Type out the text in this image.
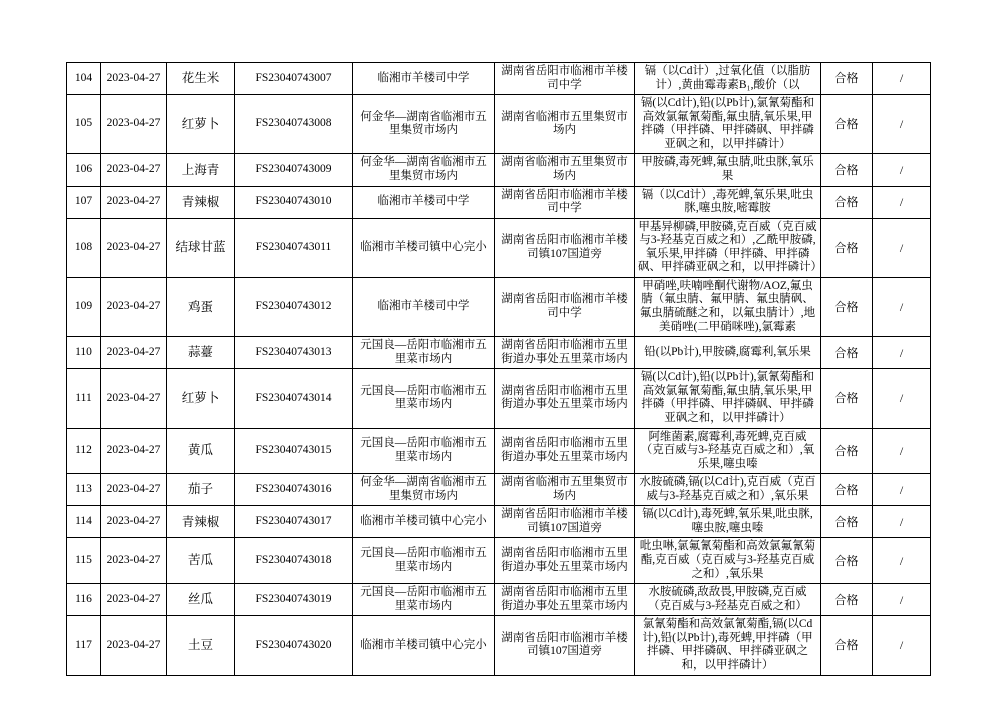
104	2023-04-27	花生米	FS23040743007	临湘市羊楼司中学	湖南省岳阳市临湘市羊楼司中学	镉（以Cd计）,过氧化值（以脂肪计）,黄曲霉毒素B₁,酸价（以	合格	/
105	2023-04-27	红萝卜	FS23040743008	何金华—湖南省临湘市五里集贸市场内	湖南省临湘市五里集贸市场内	镉(以Cd计),铅(以Pb计),氯氰菊酯和高效氯氟氰菊酯,氟虫腈,氧乐果,甲拌磷（甲拌磷、甲拌磷砜、甲拌磷亚砜之和，以甲拌磷计）	合格	/
106	2023-04-27	上海青	FS23040743009	何金华—湖南省临湘市五里集贸市场内	湖南省临湘市五里集贸市场内	甲胺磷,毒死蜱,氟虫腈,吡虫脒,氧乐果	合格	/
107	2023-04-27	青辣椒	FS23040743010	临湘市羊楼司中学	湖南省岳阳市临湘市羊楼司中学	镉（以Cd计）,毒死蜱,氧乐果,吡虫脒,噻虫胺,嘧霉胺	合格	/
108	2023-04-27	结球甘蓝	FS23040743011	临湘市羊楼司镇中心完小	湖南省岳阳市临湘市羊楼司镇107国道旁	甲基异柳磷,甲胺磷,克百威（克百威与3-羟基克百威之和）,乙酰甲胺磷,氧乐果,甲拌磷（甲拌磷、甲拌磷砜、甲拌磷亚砜之和，以甲拌磷计）	合格	/
109	2023-04-27	鸡蛋	FS23040743012	临湘市羊楼司中学	湖南省岳阳市临湘市羊楼司中学	甲硝唑,呋喃唑酮代谢物/AOZ,氟虫腈（氟虫腈、氟甲腈、氟虫腈砜、氟虫腈硫醚之和，以氟虫腈计）,地美硝唑(二甲硝咪唑),氯霉素	合格	/
110	2023-04-27	蒜薹	FS23040743013	元国良—岳阳市临湘市五里菜市场内	湖南省岳阳市临湘市五里街道办事处五里菜市场内	铅(以Pb计),甲胺磷,腐霉利,氧乐果	合格	/
111	2023-04-27	红萝卜	FS23040743014	元国良—岳阳市临湘市五里菜市场内	湖南省岳阳市临湘市五里街道办事处五里菜市场内	镉(以Cd计),铅(以Pb计),氯氰菊酯和高效氯氟氰菊酯,氟虫腈,氧乐果,甲拌磷（甲拌磷、甲拌磷砜、甲拌磷亚砜之和，以甲拌磷计）	合格	/
112	2023-04-27	黄瓜	FS23040743015	元国良—岳阳市临湘市五里菜市场内	湖南省岳阳市临湘市五里街道办事处五里菜市场内	阿维菌素,腐霉利,毒死蜱,克百威（克百威与3-羟基克百威之和）,氧乐果,噻虫嗪	合格	/
113	2023-04-27	茄子	FS23040743016	何金华—湖南省临湘市五里集贸市场内	湖南省临湘市五里集贸市场内	水胺硫磷,镉(以Cd计),克百威（克百威与3-羟基克百威之和）,氧乐果	合格	/
114	2023-04-27	青辣椒	FS23040743017	临湘市羊楼司镇中心完小	湖南省岳阳市临湘市羊楼司镇107国道旁	镉(以Cd计),毒死蜱,氧乐果,吡虫脒,噻虫胺,噻虫嗪	合格	/
115	2023-04-27	苦瓜	FS23040743018	元国良—岳阳市临湘市五里菜市场内	湖南省岳阳市临湘市五里街道办事处五里菜市场内	吡虫啉,氯氟氰菊酯和高效氯氟氰菊酯,克百威（克百威与3-羟基克百威之和）,氧乐果	合格	/
116	2023-04-27	丝瓜	FS23040743019	元国良—岳阳市临湘市五里菜市场内	湖南省岳阳市临湘市五里街道办事处五里菜市场内	水胺硫磷,敌敌畏,甲胺磷,克百威（克百威与3-羟基克百威之和）	合格	/
117	2023-04-27	土豆	FS23040743020	临湘市羊楼司镇中心完小	湖南省岳阳市临湘市羊楼司镇107国道旁	氯氰菊酯和高效氯氰菊酯,镉(以Cd计),铅(以Pb计),毒死蜱,甲拌磷（甲拌磷、甲拌磷砜、甲拌磷亚砜之和，以甲拌磷计）	合格	/
